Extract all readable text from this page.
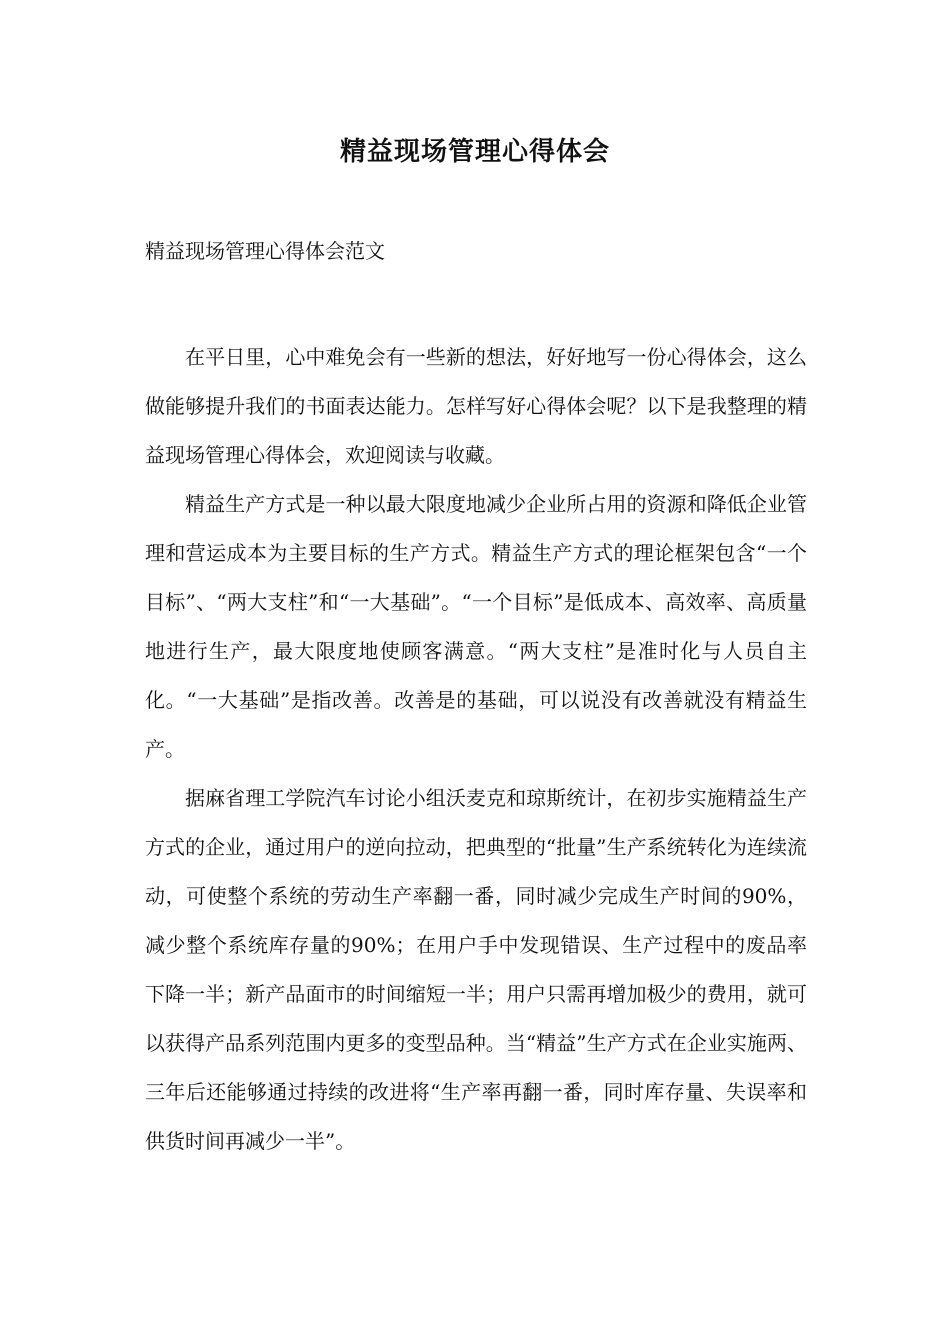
精益现场管理心得体会
精益现场管理心得体会范文

在平日里，心中难免会有一些新的想法，好好地写一份心得体会，这么做能够提升我们的书面表达能力。怎样写好心得体会呢？以下是我整理的精益现场管理心得体会，欢迎阅读与收藏。

精益生产方式是一种以最大限度地减少企业所占用的资源和降低企业管理和营运成本为主要目标的生产方式。精益生产方式的理论框架包含“一个目标”、“两大支柱”和“一大基础”。“一个目标”是低成本、高效率、高质量地进行生产，最大限度地使顾客满意。“两大支柱”是准时化与人员自主化。“一大基础”是指改善。改善是的基础，可以说没有改善就没有精益生产。

据麻省理工学院汽车讨论小组沃麦克和琼斯统计，在初步实施精益生产方式的企业，通过用户的逆向拉动，把典型的“批量”生产系统转化为连续流动，可使整个系统的劳动生产率翻一番，同时减少完成生产时间的90%，减少整个系统库存量的90%；在用户手中发现错误、生产过程中的废品率下降一半；新产品面市的时间缩短一半；用户只需再增加极少的费用，就可以获得产品系列范围内更多的变型品种。当“精益”生产方式在企业实施两、三年后还能够通过持续的改进将“生产率再翻一番，同时库存量、失误率和供货时间再减少一半”。
